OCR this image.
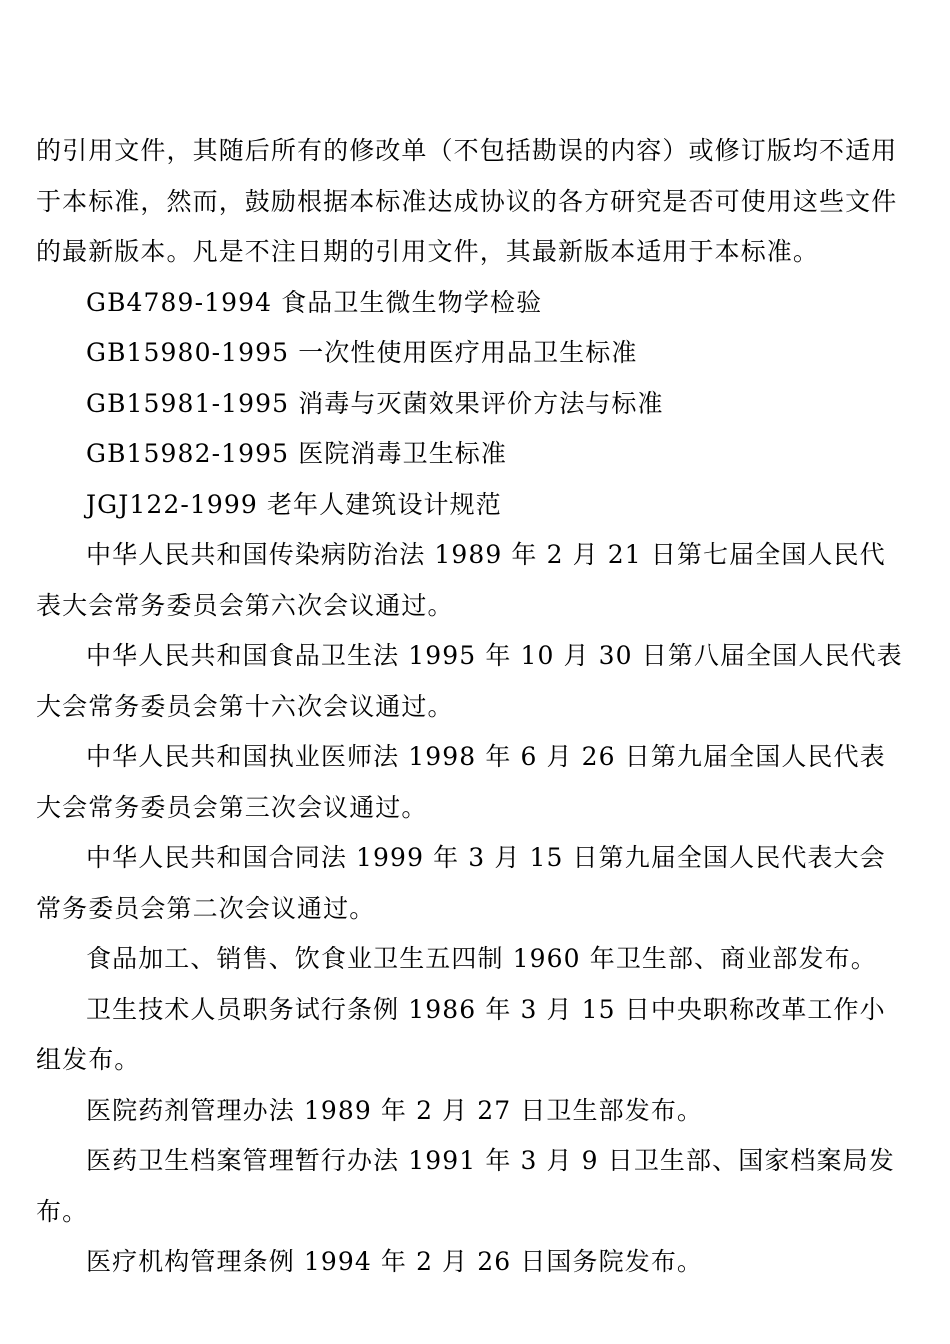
的引用文件，其随后所有的修改单（不包括勘误的内容）或修订版均不适用于本标准，然而，鼓励根据本标准达成协议的各方研究是否可使用这些文件的最新版本。凡是不注日期的引用文件，其最新版本适用于本标准。

GB4789-1994 食品卫生微生物学检验

GB15980-1995 一次性使用医疗用品卫生标准

GB15981-1995 消毒与灭菌效果评价方法与标准

GB15982-1995 医院消毒卫生标准

JGJ122-1999 老年人建筑设计规范

中华人民共和国传染病防治法 1989 年 2 月 21 日第七届全国人民代表大会常务委员会第六次会议通过。

中华人民共和国食品卫生法 1995 年 10 月 30 日第八届全国人民代表大会常务委员会第十六次会议通过。

中华人民共和国执业医师法 1998 年 6 月 26 日第九届全国人民代表大会常务委员会第三次会议通过。

中华人民共和国合同法 1999 年 3 月 15 日第九届全国人民代表大会常务委员会第二次会议通过。

食品加工、销售、饮食业卫生五四制 1960 年卫生部、商业部发布。

卫生技术人员职务试行条例 1986 年 3 月 15 日中央职称改革工作小组发布。

医院药剂管理办法 1989 年 2 月 27 日卫生部发布。

医药卫生档案管理暂行办法 1991 年 3 月 9 日卫生部、国家档案局发布。

医疗机构管理条例 1994 年 2 月 26 日国务院发布。
